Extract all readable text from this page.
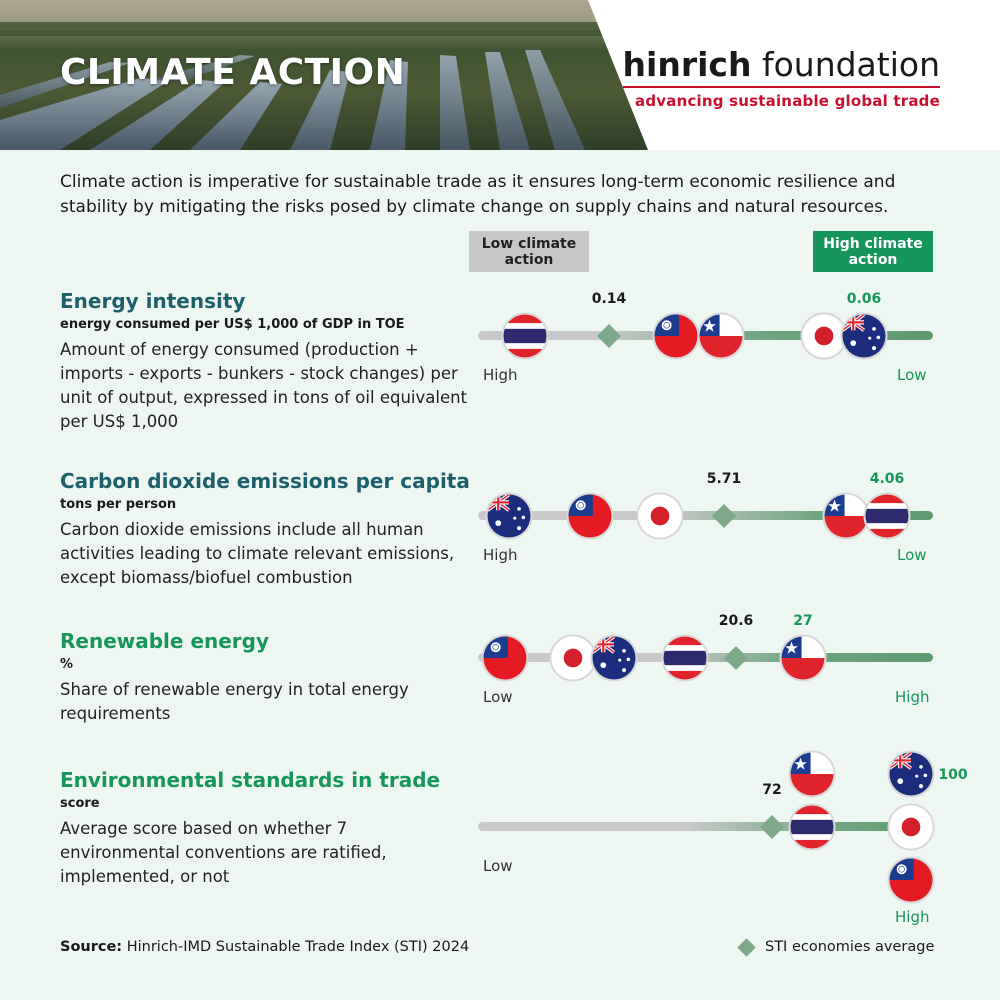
CLIMATE ACTION	hinrich foundation
advancing sustainable global trade

Climate action is imperative for sustainable trade as it ensures long-term economic resilience and stability by mitigating the risks posed by climate change on supply chains and natural resources.

Low climate action
High climate action
Energy intensity
energy consumed per US$ 1,000 of GDP in TOE
Amount of energy consumed (production + imports - exports - bunkers - stock changes) per unit of output, expressed in tons of oil equivalent per US$ 1,000
0.14	0.06
High	Low
Carbon dioxide emissions per capita
tons per person
Carbon dioxide emissions include all human activities leading to climate relevant emissions, except biomass/biofuel combustion
5.71	4.06
High	Low
Renewable energy
%
Share of renewable energy in total energy requirements
20.6	27
Low	High
Environmental standards in trade
score
Average score based on whether 7 environmental conventions are ratified, implemented, or not
72
100
Low
High
Source: Hinrich-IMD Sustainable Trade Index (STI) 2024	STI economies average
